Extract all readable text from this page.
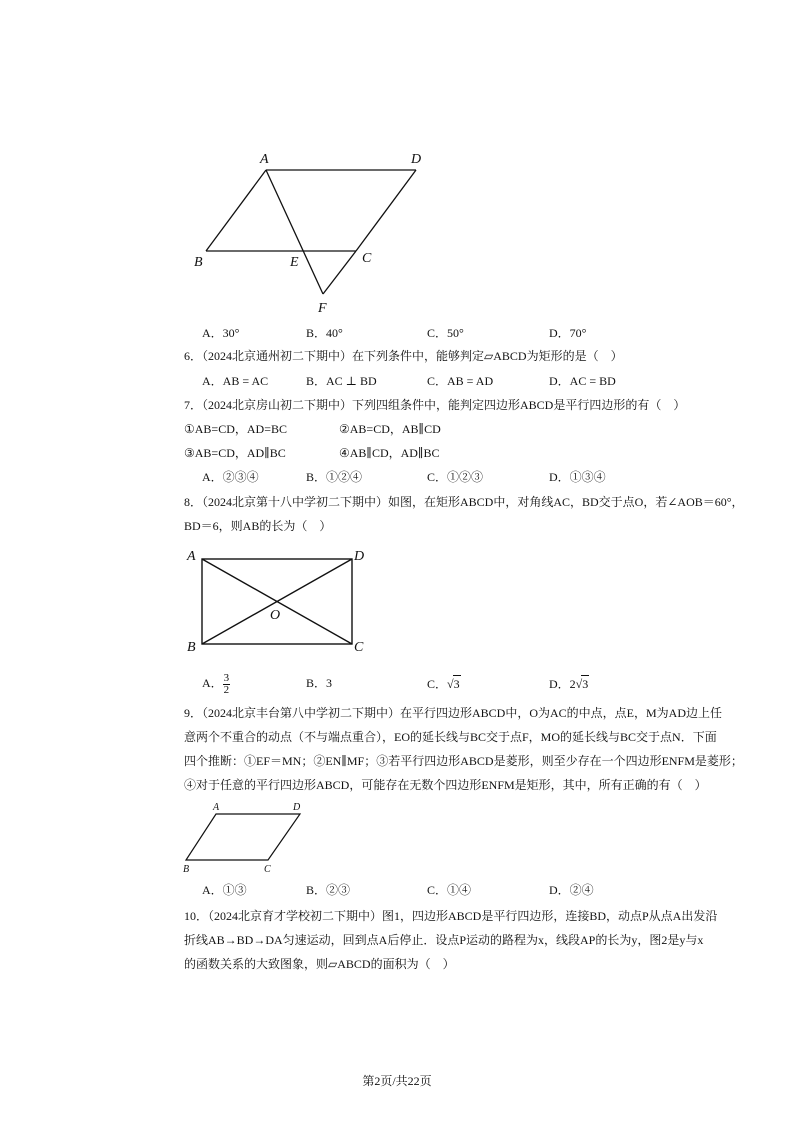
A	D
B	E	C
F
A．30°	B．40°	C．50°	D．70°
6．（2024北京通州初二下期中）在下列条件中，能够判定▱ABCD为矩形的是（　）
A．AB = AC	B．AC ⊥ BD	C．AB = AD	D．AC = BD
7．（2024北京房山初二下期中）下列四组条件中，能判定四边形ABCD是平行四边形的有（　）
①AB=CD，AD=BC	②AB=CD，AB∥CD
③AB=CD，AD∥BC	④AB∥CD，AD∥BC
A．②③④	B．①②④	C．①②③	D．①③④
8．（2024北京第十八中学初二下期中）如图，在矩形ABCD中，对角线AC，BD交于点O，若∠AOB＝60°，
BD＝6，则AB的长为（　）
A	D
O
B	C
A． $\frac{3}{2}$	B．3	C．√3	D．2√3
9．（2024北京丰台第八中学初二下期中）在平行四边形ABCD中，O为AC的中点，点E，M为AD边上任
意两个不重合的动点（不与端点重合），EO的延长线与BC交于点F，MO的延长线与BC交于点N．下面
四个推断：①EF＝MN；②EN∥MF；③若平行四边形ABCD是菱形，则至少存在一个四边形ENFM是菱形；
④对于任意的平行四边形ABCD，可能存在无数个四边形ENFM是矩形，其中，所有正确的有（　）
A	D
B	C
A．①③	B．②③	C．①④	D．②④
10．（2024北京育才学校初二下期中）图1，四边形ABCD是平行四边形，连接BD，动点P从点A出发沿
折线AB→BD→DA匀速运动，回到点A后停止．设点P运动的路程为x，线段AP的长为y，图2是y与x
的函数关系的大致图象，则▱ABCD的面积为（　）
第2页/共22页
